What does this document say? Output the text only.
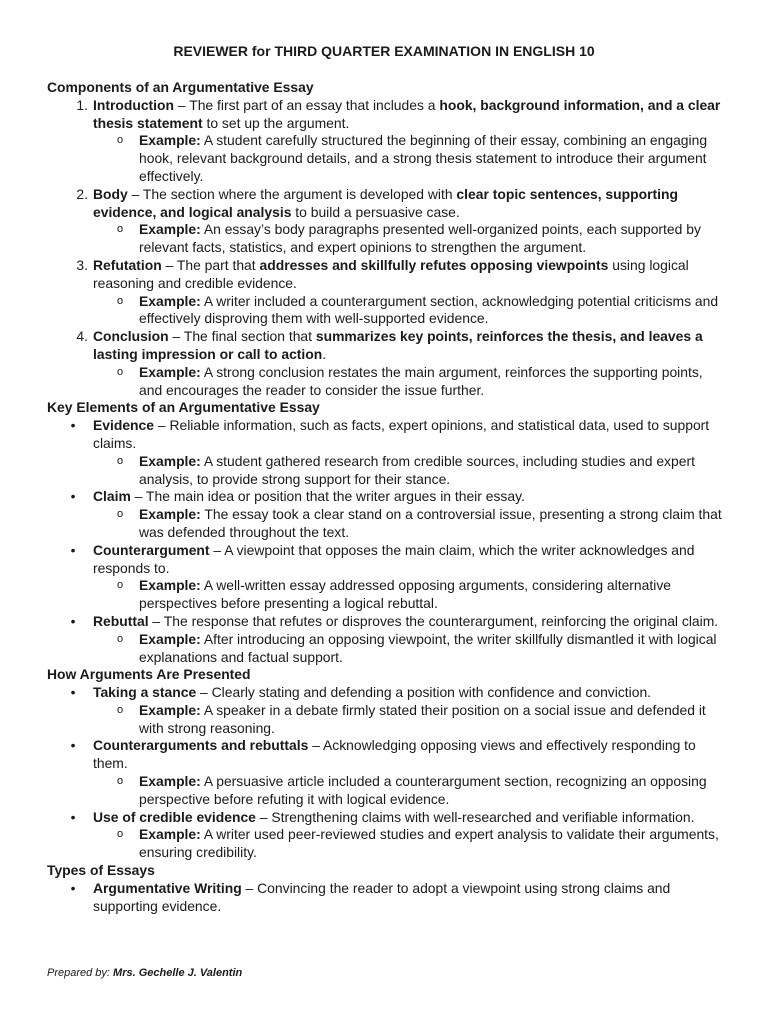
REVIEWER for THIRD QUARTER EXAMINATION IN ENGLISH 10
Components of an Argumentative Essay
1. Introduction – The first part of an essay that includes a hook, background information, and a clear thesis statement to set up the argument.
o Example: A student carefully structured the beginning of their essay, combining an engaging hook, relevant background details, and a strong thesis statement to introduce their argument effectively.
2. Body – The section where the argument is developed with clear topic sentences, supporting evidence, and logical analysis to build a persuasive case.
o Example: An essay’s body paragraphs presented well-organized points, each supported by relevant facts, statistics, and expert opinions to strengthen the argument.
3. Refutation – The part that addresses and skillfully refutes opposing viewpoints using logical reasoning and credible evidence.
o Example: A writer included a counterargument section, acknowledging potential criticisms and effectively disproving them with well-supported evidence.
4. Conclusion – The final section that summarizes key points, reinforces the thesis, and leaves a lasting impression or call to action.
o Example: A strong conclusion restates the main argument, reinforces the supporting points, and encourages the reader to consider the issue further.
Key Elements of an Argumentative Essay
• Evidence – Reliable information, such as facts, expert opinions, and statistical data, used to support claims.
o Example: A student gathered research from credible sources, including studies and expert analysis, to provide strong support for their stance.
• Claim – The main idea or position that the writer argues in their essay.
o Example: The essay took a clear stand on a controversial issue, presenting a strong claim that was defended throughout the text.
• Counterargument – A viewpoint that opposes the main claim, which the writer acknowledges and responds to.
o Example: A well-written essay addressed opposing arguments, considering alternative perspectives before presenting a logical rebuttal.
• Rebuttal – The response that refutes or disproves the counterargument, reinforcing the original claim.
o Example: After introducing an opposing viewpoint, the writer skillfully dismantled it with logical explanations and factual support.
How Arguments Are Presented
• Taking a stance – Clearly stating and defending a position with confidence and conviction.
o Example: A speaker in a debate firmly stated their position on a social issue and defended it with strong reasoning.
• Counterarguments and rebuttals – Acknowledging opposing views and effectively responding to them.
o Example: A persuasive article included a counterargument section, recognizing an opposing perspective before refuting it with logical evidence.
• Use of credible evidence – Strengthening claims with well-researched and verifiable information.
o Example: A writer used peer-reviewed studies and expert analysis to validate their arguments, ensuring credibility.
Types of Essays
• Argumentative Writing – Convincing the reader to adopt a viewpoint using strong claims and supporting evidence.
Prepared by: Mrs. Gechelle J. Valentin
